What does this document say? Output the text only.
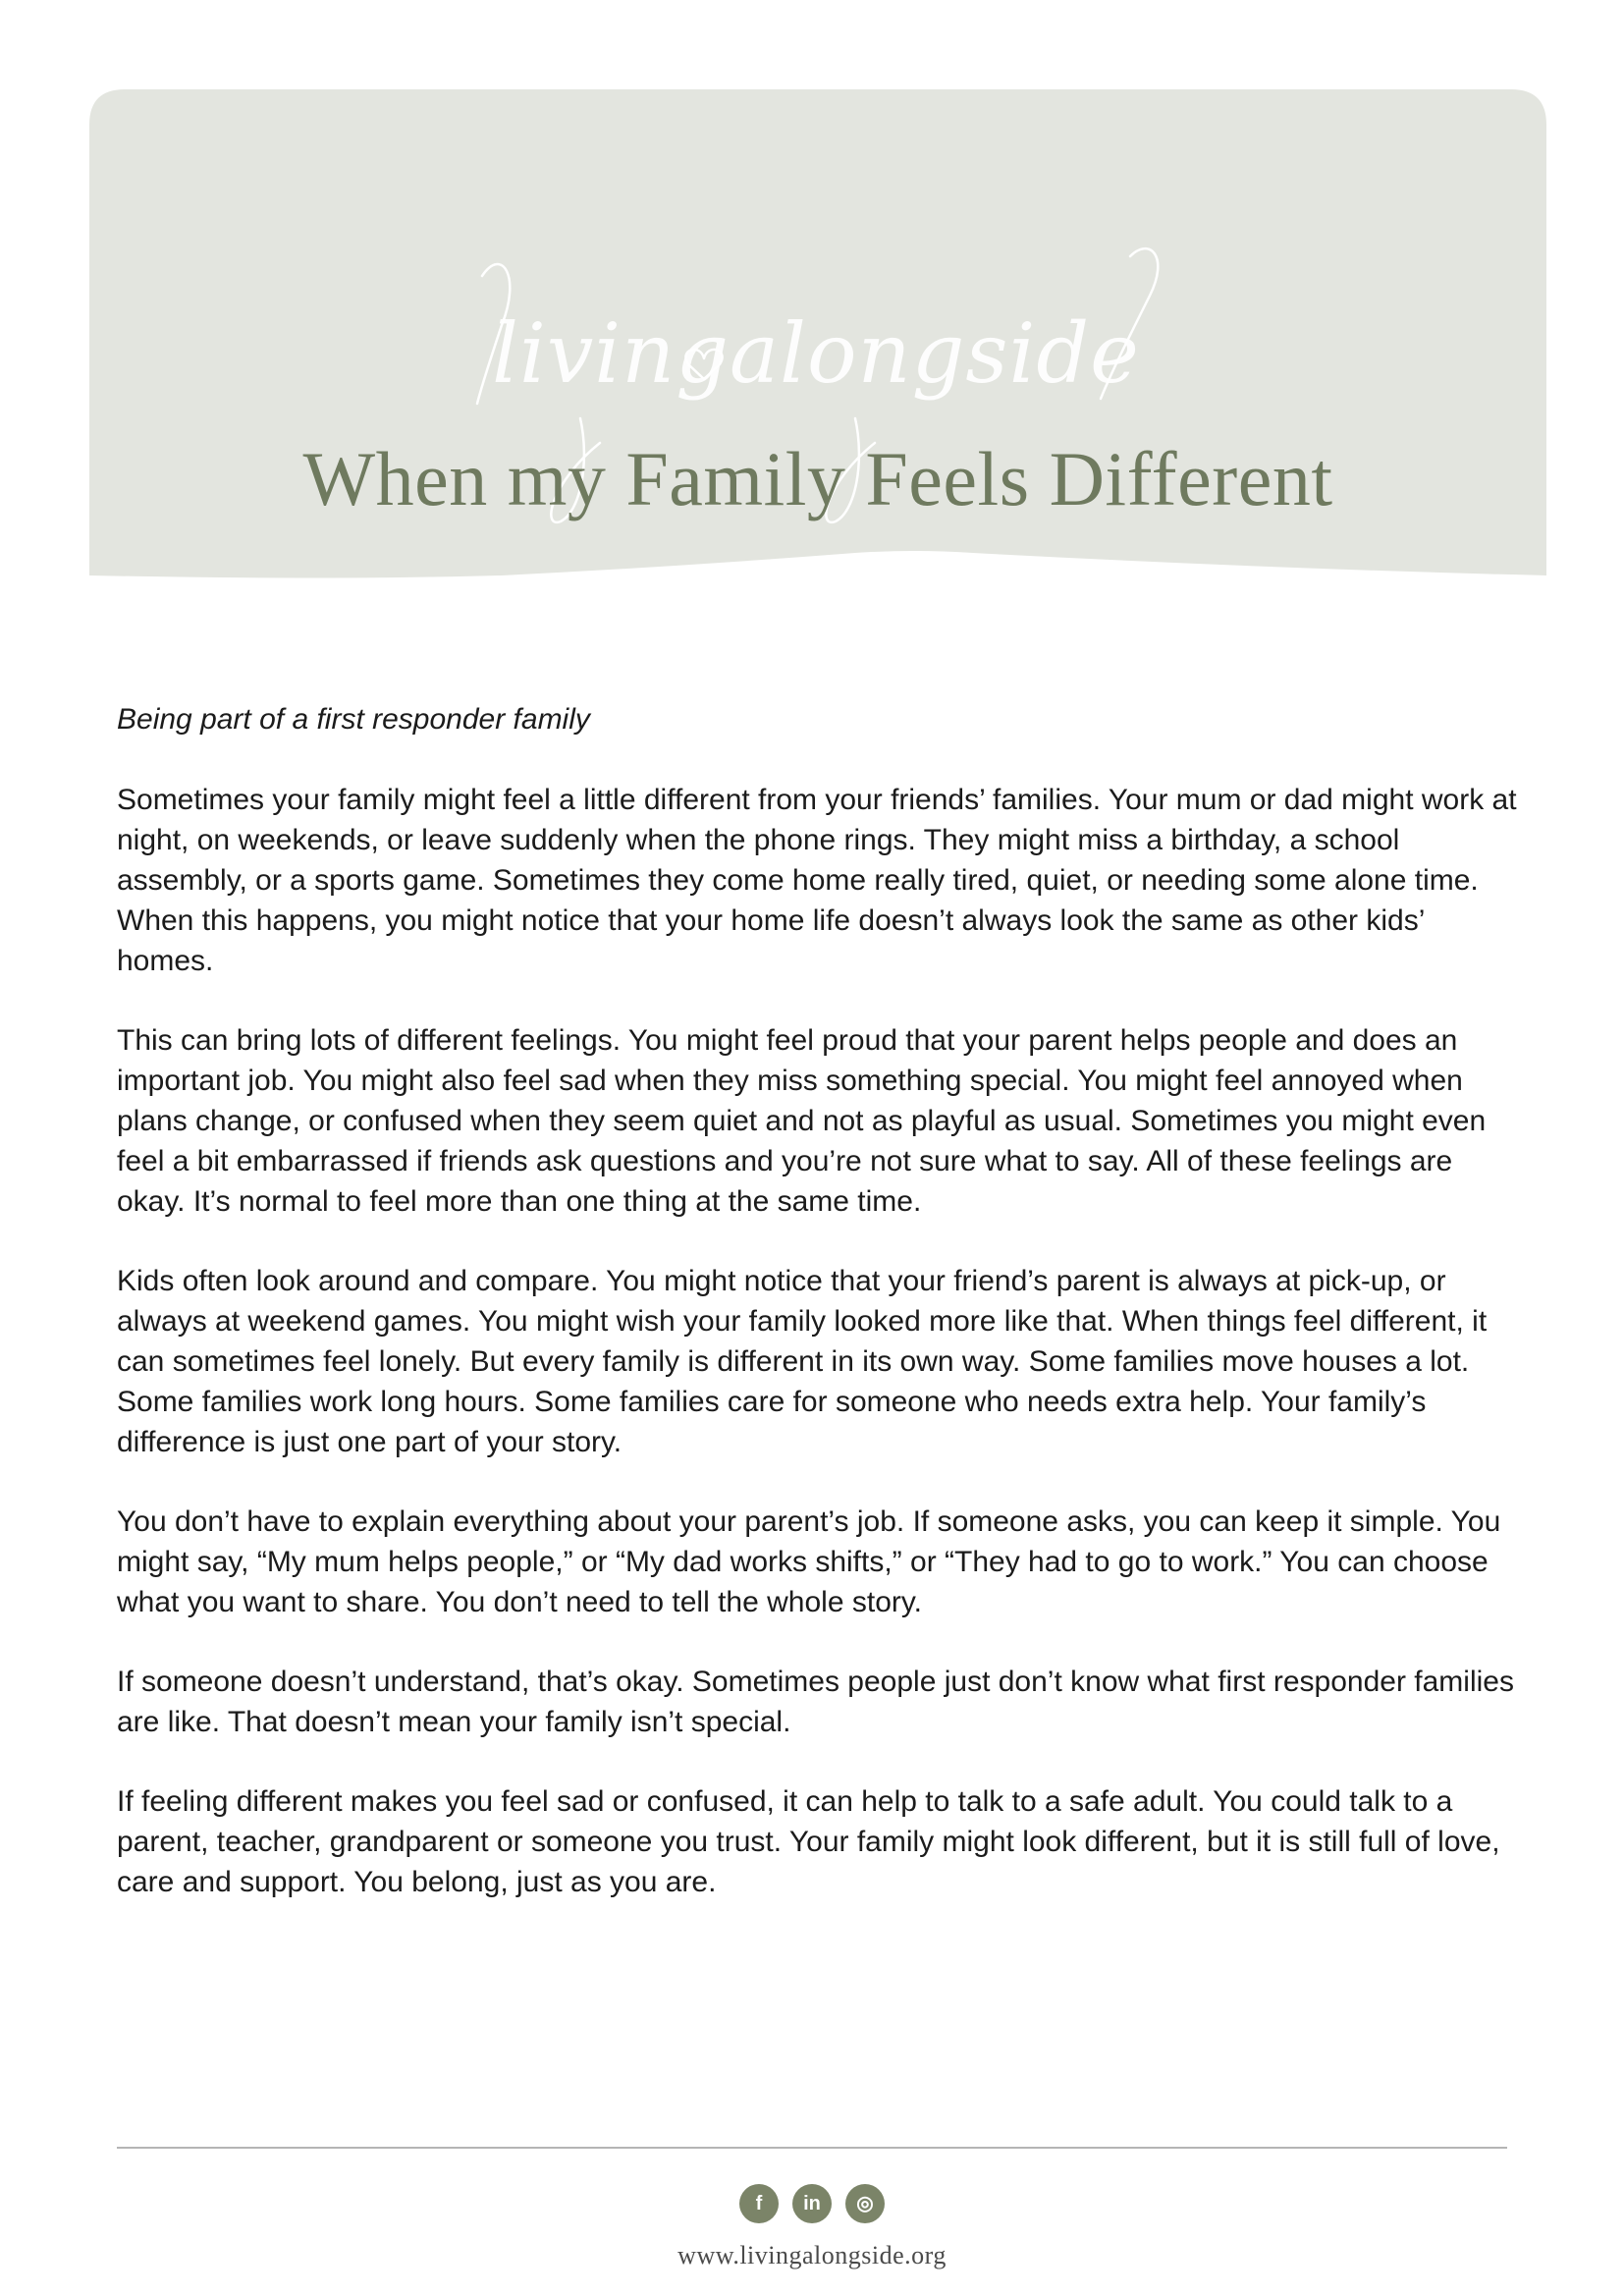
livingalongside
When my Family Feels Different

Being part of a first responder family

Sometimes your family might feel a little different from your friends’ families. Your mum or dad might work at night, on weekends, or leave suddenly when the phone rings. They might miss a birthday, a school assembly, or a sports game. Sometimes they come home really tired, quiet, or needing some alone time. When this happens, you might notice that your home life doesn’t always look the same as other kids’ homes.

This can bring lots of different feelings. You might feel proud that your parent helps people and does an important job. You might also feel sad when they miss something special. You might feel annoyed when plans change, or confused when they seem quiet and not as playful as usual. Sometimes you might even feel a bit embarrassed if friends ask questions and you’re not sure what to say. All of these feelings are okay. It’s normal to feel more than one thing at the same time.

Kids often look around and compare. You might notice that your friend’s parent is always at pick-up, or always at weekend games. You might wish your family looked more like that. When things feel different, it can sometimes feel lonely. But every family is different in its own way. Some families move houses a lot. Some families work long hours. Some families care for someone who needs extra help. Your family’s difference is just one part of your story.

You don’t have to explain everything about your parent’s job. If someone asks, you can keep it simple. You might say, “My mum helps people,” or “My dad works shifts,” or “They had to go to work.” You can choose what you want to share. You don’t need to tell the whole story.

If someone doesn’t understand, that’s okay. Sometimes people just don’t know what first responder families are like. That doesn’t mean your family isn’t special.

If feeling different makes you feel sad or confused, it can help to talk to a safe adult. You could talk to a parent, teacher, grandparent or someone you trust. Your family might look different, but it is still full of love, care and support. You belong, just as you are.

f	in	◎
www.livingalongside.org
